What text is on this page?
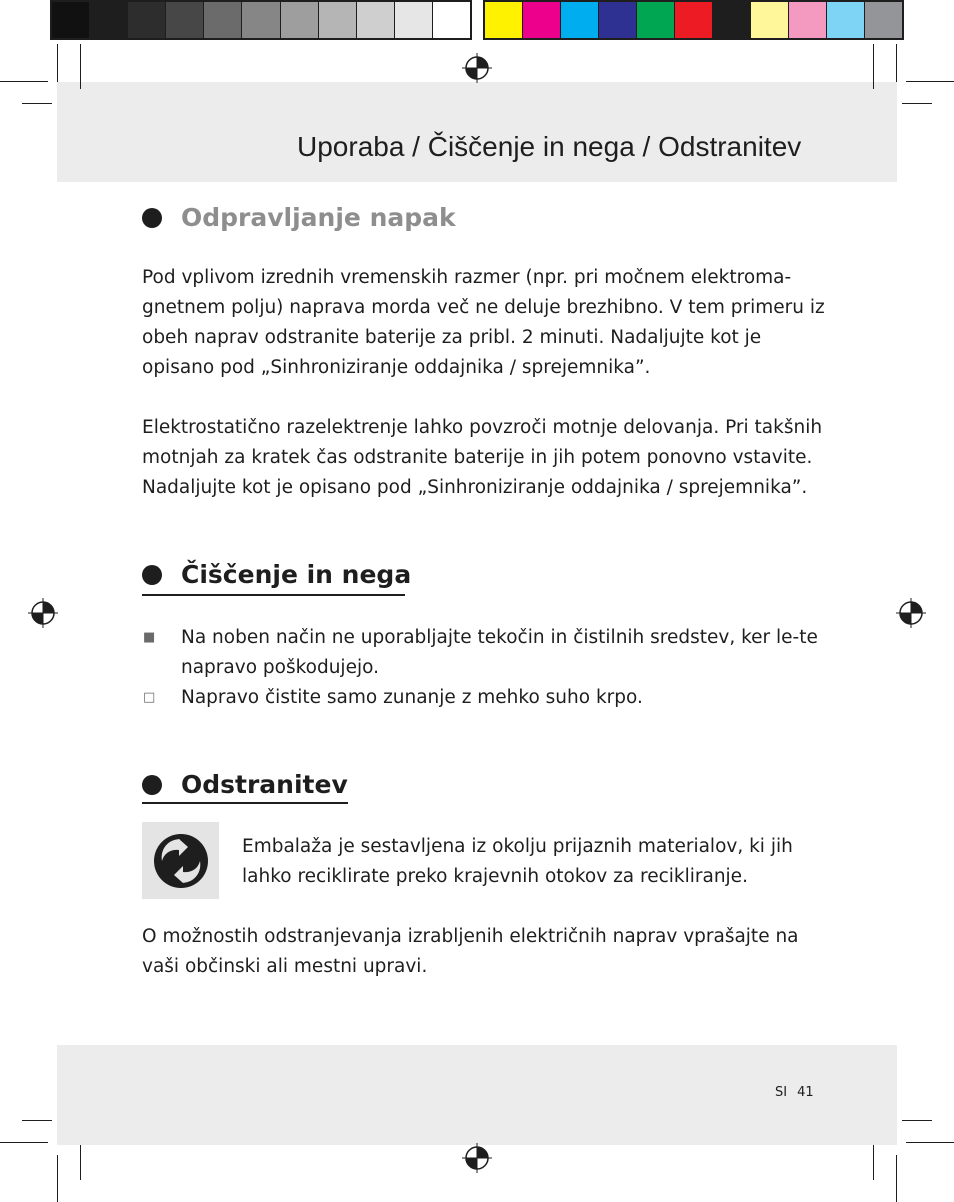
Uporaba / Čiščenje in nega / Odstranitev
Odpravljanje napak

Pod vplivom izrednih vremenskih razmer (npr. pri močnem elektroma-gnetnem polju) naprava morda več ne deluje brezhibno. V tem primeru iz obeh naprav odstranite baterije za pribl. 2 minuti. Nadaljujte kot je opisano pod „Sinhroniziranje oddajnika / sprejemnika”.

Elektrostatično razelektrenje lahko povzroči motnje delovanja. Pri takšnih motnjah za kratek čas odstranite baterije in jih potem ponovno vstavite. Nadaljujte kot je opisano pod „Sinhroniziranje oddajnika / sprejemnika”.

Čiščenje in nega
■	Na noben način ne uporabljajte tekočin in čistilnih sredstev, ker le-te napravo poškodujejo.
□	Napravo čistite samo zunanje z mehko suho krpo.
Odstranitev

Embalaža je sestavljena iz okolju prijaznih materialov, ki jih lahko reciklirate preko krajevnih otokov za recikliranje.

O možnostih odstranjevanja izrabljenih električnih naprav vprašajte na vaši občinski ali mestni upravi.

SI 41
